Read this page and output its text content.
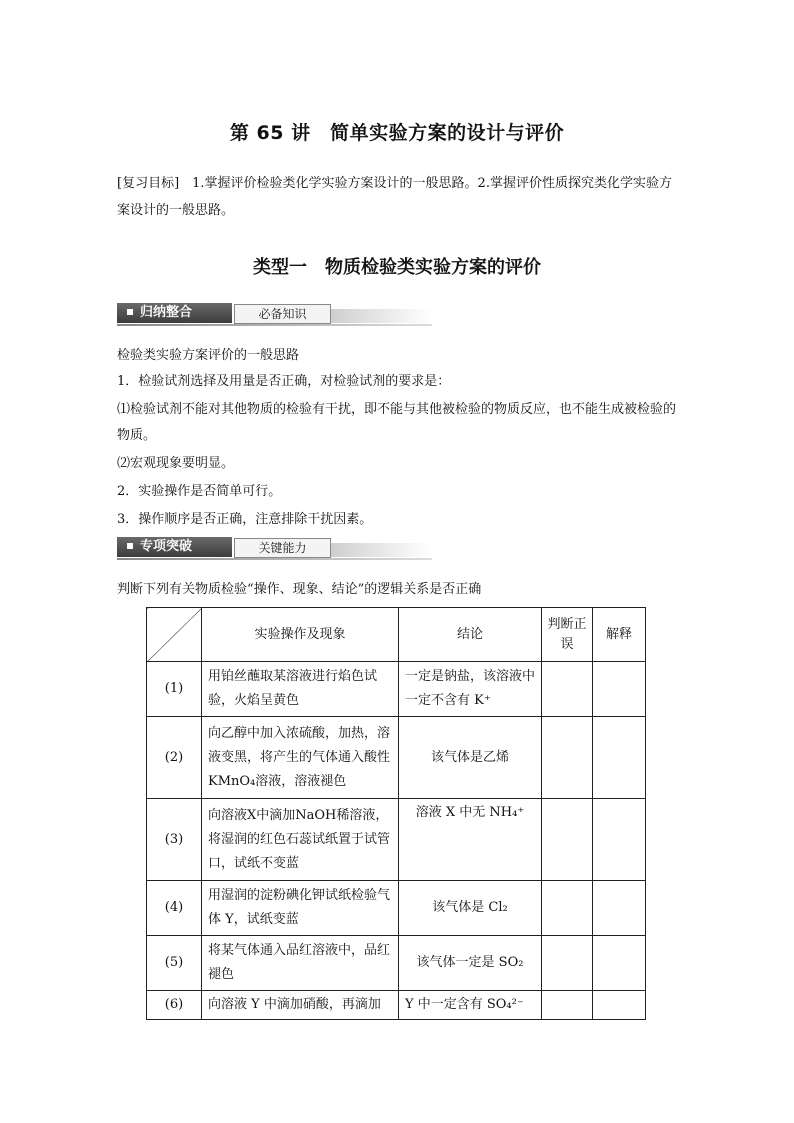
第 65 讲　简单实验方案的设计与评价
[复习目标]　1.掌握评价检验类化学实验方案设计的一般思路。2.掌握评价性质探究类化学实验方案设计的一般思路。
类型一　物质检验类实验方案的评价
归纳整合	必备知识
检验类实验方案评价的一般思路
1．检验试剂选择及用量是否正确，对检验试剂的要求是：
⑴检验试剂不能对其他物质的检验有干扰，即不能与其他被检验的物质反应，也不能生成被检验的物质。
⑵宏观现象要明显。
2．实验操作是否简单可行。
3．操作顺序是否正确，注意排除干扰因素。
专项突破	关键能力
判断下列有关物质检验“操作、现象、结论”的逻辑关系是否正确
	实验操作及现象	结论	判断正误	解释
(1)	用铂丝蘸取某溶液进行焰色试验，火焰呈黄色	一定是钠盐，该溶液中一定不含有 K⁺		
(2)	向乙醇中加入浓硫酸，加热，溶液变黑，将产生的气体通入酸性 KMnO₄溶液，溶液褪色	该气体是乙烯		
(3)	向溶液X中滴加NaOH稀溶液，将湿润的红色石蕊试纸置于试管口，试纸不变蓝	溶液 X 中无 NH₄⁺		
(4)	用湿润的淀粉碘化钾试纸检验气体 Y，试纸变蓝	该气体是 Cl₂		
(5)	将某气体通入品红溶液中，品红褪色	该气体一定是 SO₂		
(6)	向溶液 Y 中滴加硝酸，再滴加	Y 中一定含有 SO₄²⁻		
